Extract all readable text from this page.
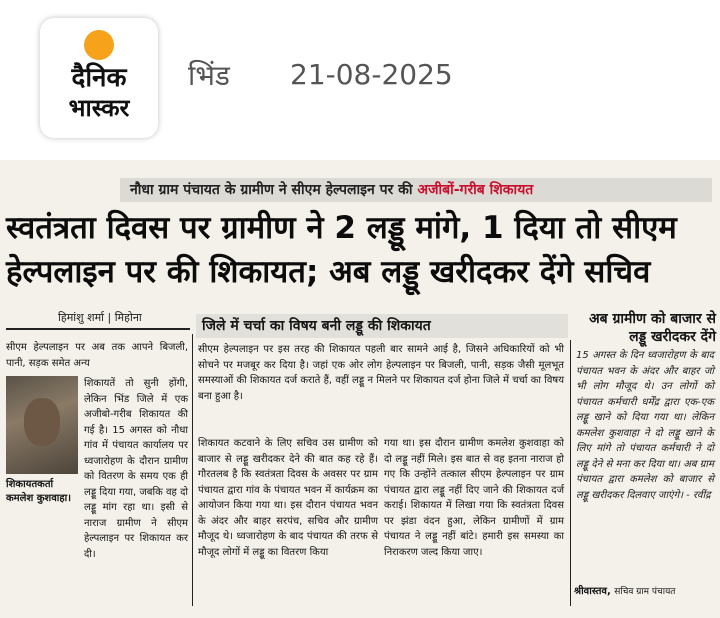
दैनिक
भास्कर
भिंड 21-08-2025
नौधा ग्राम पंचायत के ग्रामीण ने सीएम हेल्पलाइन पर की अजीबों-गरीब शिकायत
स्वतंत्रता दिवस पर ग्रामीण ने 2 लड्डू मांगे, 1 दिया तो सीएम हेल्पलाइन पर की शिकायत; अब लड्डू खरीदकर देंगे सचिव
हिमांशु शर्मा | मिहोना
जिले में चर्चा का विषय बनी लड्डू की शिकायत	अब ग्रामीण को बाजार से लड्डू खरीदकर देंगे
सीएम हेल्पलाइन पर अब तक आपने बिजली, पानी, सड़क समेत अन्य
शिकायतकर्ता कमलेश कुशवाहा।
शिकायतें तो सुनी होंगी, लेकिन भिंड जिले में एक अजीबो-गरीब शिकायत की गई है। 15 अगस्त को नौधा गांव में पंचायत कार्यालय पर ध्वजारोहण के दौरान ग्रामीण को वितरण के समय एक ही लड्डू दिया गया, जबकि वह दो लड्डू मांग रहा था। इसी से नाराज ग्रामीण ने सीएम हेल्पलाइन पर शिकायत कर दी।
सीएम हेल्पलाइन पर इस तरह की शिकायत पहली बार सामने आई है, जिसने अधिकारियों को भी सोचने पर मजबूर कर दिया है। जहां एक ओर लोग हेल्पलाइन पर बिजली, पानी, सड़क जैसी मूलभूत समस्याओं की शिकायत दर्ज कराते हैं, वहीं लड्डू न मिलने पर शिकायत दर्ज होना जिले में चर्चा का विषय बना हुआ है।
शिकायत कटवाने के लिए सचिव उस ग्रामीण को बाजार से लड्डू खरीदकर देने की बात कह रहे हैं। गौरतलब है कि स्वतंत्रता दिवस के अवसर पर ग्राम पंचायत द्वारा गांव के पंचायत भवन में कार्यक्रम का आयोजन किया गया था। इस दौरान पंचायत भवन के अंदर और बाहर सरपंच, सचिव और ग्रामीण मौजूद थे। ध्वजारोहण के बाद पंचायत की तरफ से मौजूद लोगों में लड्डू का वितरण किया
गया था। इस दौरान ग्रामीण कमलेश कुशवाहा को दो लड्डू नहीं मिले। इस बात से वह इतना नाराज हो गए कि उन्होंने तत्काल सीएम हेल्पलाइन पर ग्राम पंचायत द्वारा लड्डू नहीं दिए जाने की शिकायत दर्ज कराई। शिकायत में लिखा गया कि स्वतंत्रता दिवस पर झंडा वंदन हुआ, लेकिन ग्रामीणों में ग्राम पंचायत ने लड्डू नहीं बांटे। हमारी इस समस्या का निराकरण जल्द किया जाए।
15 अगस्त के दिन ध्वजारोहण के बाद पंचायत भवन के अंदर और बाहर जो भी लोग मौजूद थे। उन लोगों को पंचायत कर्मचारी धर्मेंद्र द्वारा एक-एक लड्डू खाने को दिया गया था। लेकिन कमलेश कुशवाहा ने दो लड्डू खाने के लिए मांगे तो पंचायत कर्मचारी ने दो लड्डू देने से मना कर दिया था। अब ग्राम पंचायत द्वारा कमलेश को बाजार से लड्डू खरीदकर दिलवाए जाएंगे। - रवींद्र
श्रीवास्तव, सचिव ग्राम पंचायत
